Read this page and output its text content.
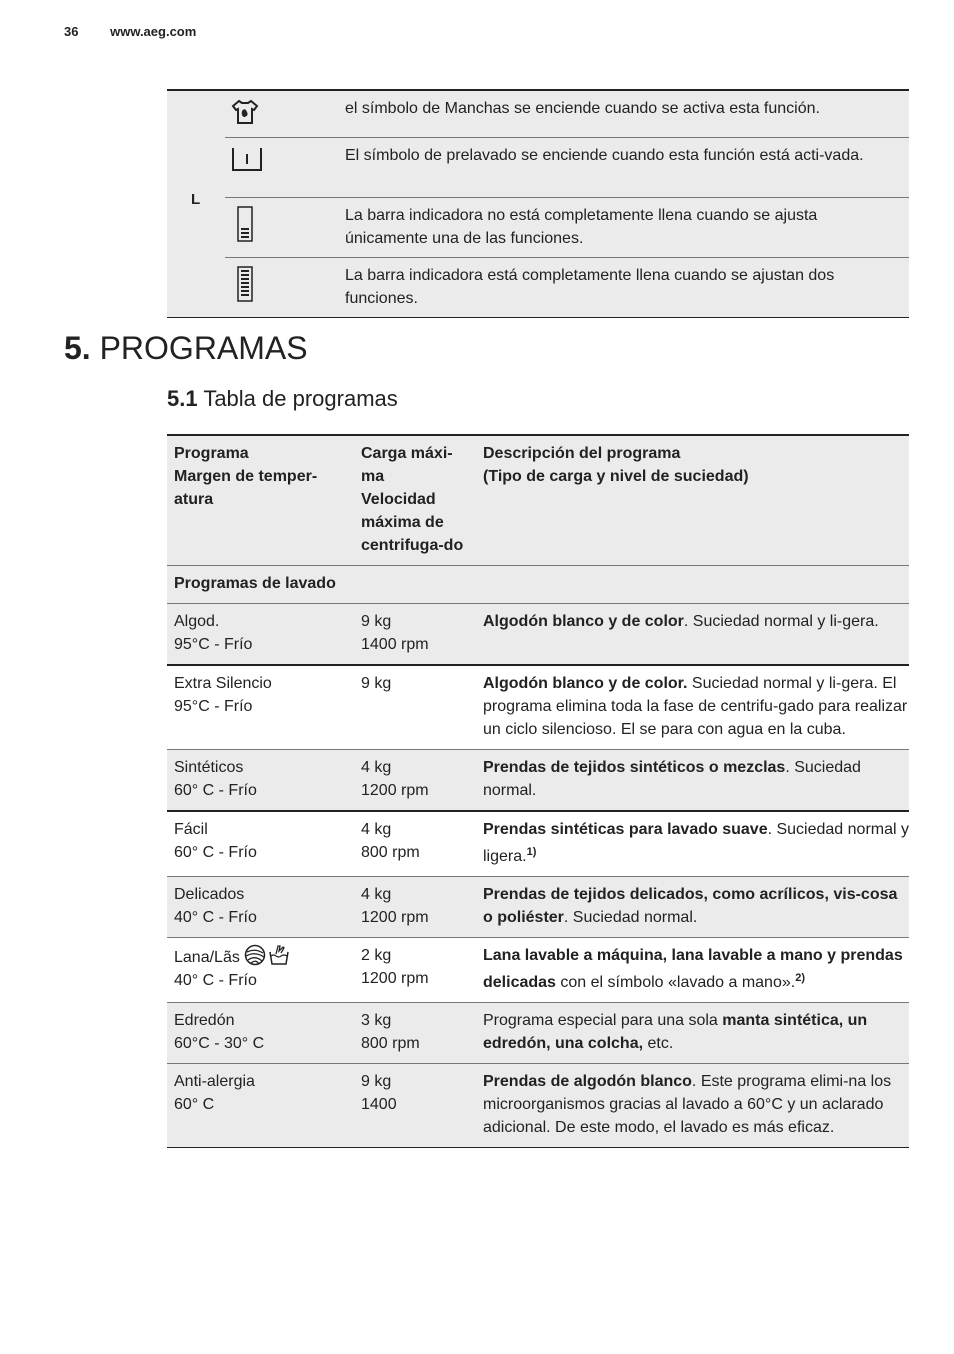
36 www.aeg.com
L
el símbolo de Manchas se enciende cuando se activa esta función.
El símbolo de prelavado se enciende cuando esta función está acti-vada.
La barra indicadora no está completamente llena cuando se ajusta únicamente una de las funciones.
La barra indicadora está completamente llena cuando se ajustan dos funciones.
5. PROGRAMAS
5.1 Tabla de programas
Programa
Margen de temper-atura
Carga máxi-ma
Velocidad máxima de centrifuga-do
Descripción del programa
(Tipo de carga y nivel de suciedad)
Programas de lavado
Algod.
95°C - Frío
9 kg
1400 rpm
Algodón blanco y de color. Suciedad normal y li-gera.
Extra Silencio
95°C - Frío
9 kg	Algodón blanco y de color. Suciedad normal y li-gera. El programa elimina toda la fase de centrifu-gado para realizar un ciclo silencioso. El se para con agua en la cuba.
Sintéticos
60° C - Frío
4 kg
1200 rpm
Prendas de tejidos sintéticos o mezclas. Suciedad normal.
Fácil
60° C - Frío
4 kg
800 rpm
Prendas sintéticas para lavado suave. Suciedad normal y ligera.$^{1)}$
Delicados
40° C - Frío
4 kg
1200 rpm
Prendas de tejidos delicados, como acrílicos, vis-cosa o poliéster. Suciedad normal.
Lana/Lãs
40° C - Frío
2 kg
1200 rpm
Lana lavable a máquina, lana lavable a mano y prendas delicadas con el símbolo «lavado a mano».$^{2)}$
Edredón
60°C - 30° C
3 kg
800 rpm
Programa especial para una sola manta sintética, un edredón, una colcha, etc.
Anti-alergia
60° C
9 kg
1400
Prendas de algodón blanco. Este programa elimi-na los microorganismos gracias al lavado a 60°C y un aclarado adicional. De este modo, el lavado es más eficaz.
